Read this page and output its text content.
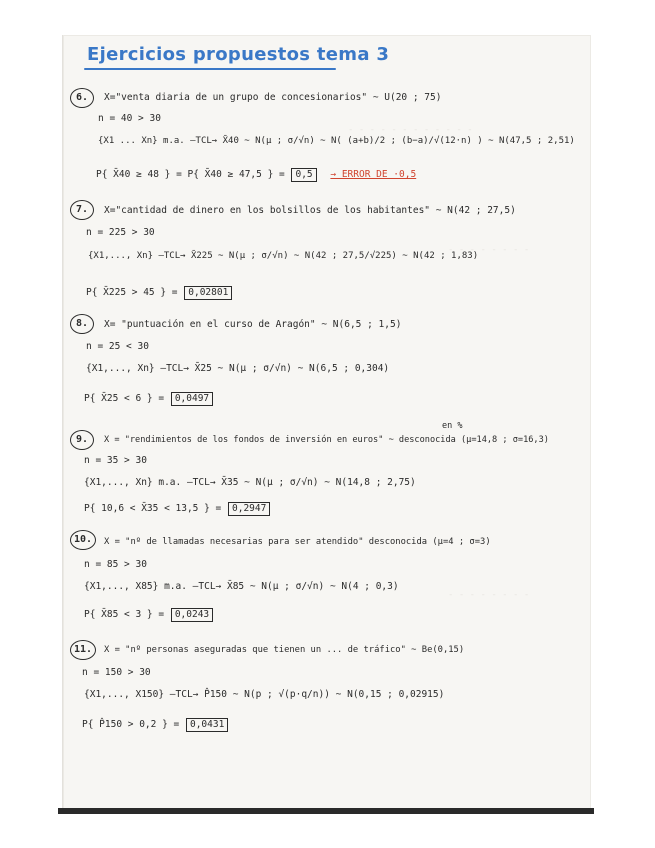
Ejercicios propuestos tema 3
- - - - - - - - - - - -
- - - - - - - -
- - - - - - - -
6.	X="venta diaria de un grupo de concesionarios" ~ U(20 ; 75)
n = 40 > 30
{X1 ... Xn} m.a. —TCL→ X̄40 ~ N(μ ; σ/√n) ~ N( (a+b)/2 ; (b−a)/√(12·n) ) ~ N(47,5 ; 2,51)
P{ X̄40 ≥ 48 } = P{ X̄40 ≥ 47,5 } = 0,5 → ERROR DE ·0,5
7.	X="cantidad de dinero en los bolsillos de los habitantes" ~ N(42 ; 27,5)
n = 225 > 30
{X1,..., Xn} —TCL→ X̄225 ~ N(μ ; σ/√n) ~ N(42 ; 27,5/√225) ~ N(42 ; 1,83)
P{ X̄225 > 45 } = 0,02801
8.	X= "puntuación en el curso de Aragón" ~ N(6,5 ; 1,5)
n = 25 < 30
{X1,..., Xn} —TCL→ X̄25 ~ N(μ ; σ/√n) ~ N(6,5 ; 0,304)
P{ X̄25 < 6 } = 0,0497
en %
9.	X = "rendimientos de los fondos de inversión en euros" ~ desconocida (μ=14,8 ; σ=16,3)
n = 35 > 30
{X1,..., Xn} m.a. —TCL→ X̄35 ~ N(μ ; σ/√n) ~ N(14,8 ; 2,75)
P{ 10,6 < X̄35 < 13,5 } = 0,2947
10.	X = "nº de llamadas necesarias para ser atendido" desconocida (μ=4 ; σ=3)
n = 85 > 30
{X1,..., X85} m.a. —TCL→ X̄85 ~ N(μ ; σ/√n) ~ N(4 ; 0,3)
P{ X̄85 < 3 } = 0,0243
11.	X = "nº personas aseguradas que tienen un ... de tráfico" ~ Be(0,15)
n = 150 > 30
{X1,..., X150} —TCL→ P̂150 ~ N(p ; √(p·q/n)) ~ N(0,15 ; 0,02915)
P{ P̂150 > 0,2 } = 0,0431
